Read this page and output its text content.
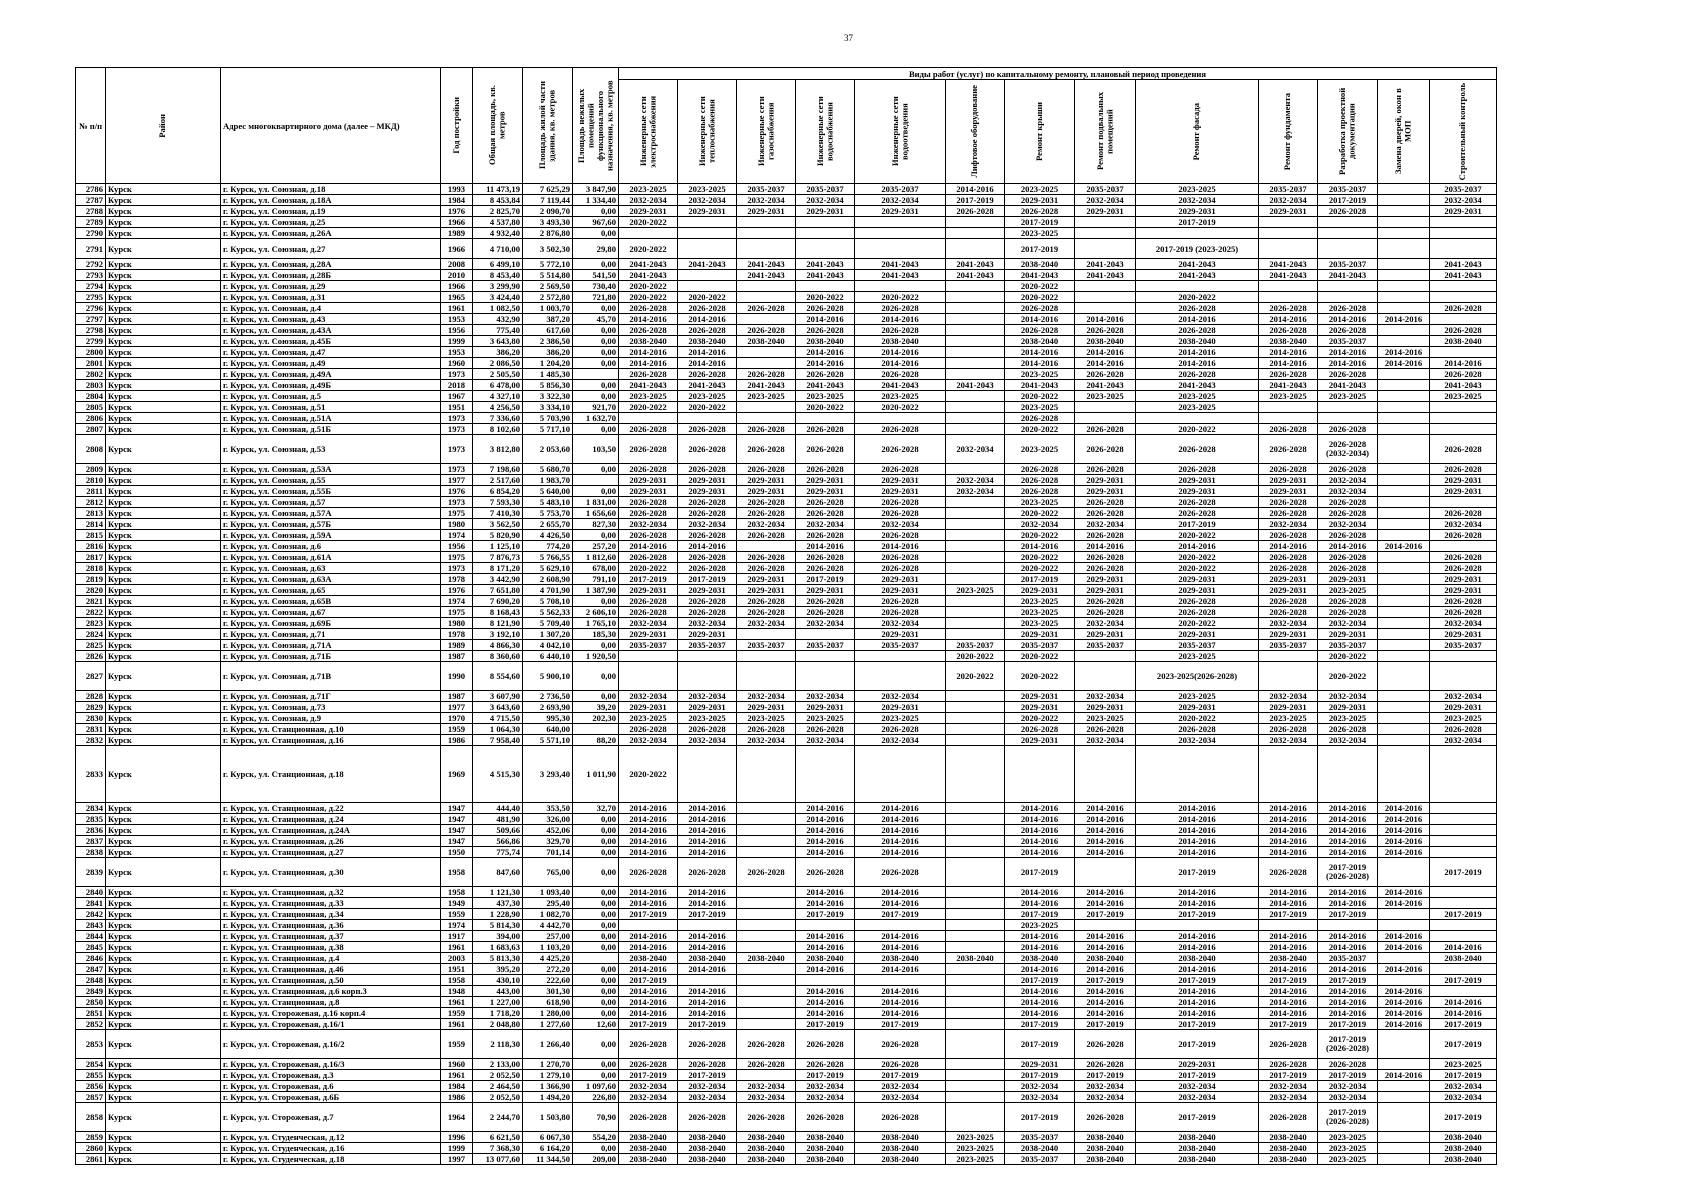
37
№ п/п	Район	Адрес многоквартирного дома (далее – МКД)	Год постройки	Общая площадь, кв. метров	Площадь жилой части здания, кв. метров	Площадь нежилых помещений функционального назначения, кв. метров	Виды работ (услуг) по капитальному ремонту, плановый период проведения												

							Инженерные сети электроснабжения	Инженерные сети теплоснабжения	Инженерные сети газоснабжения	Инженерные сети водоснабжения	Инженерные сети водоотведения	Лифтовое оборудование	Ремонт крыши	Ремонт подвальных помещений	Ремонт фасада	Ремонт фундамента	Разработка проектной документации	Замена дверей, окон в МОП	Строительный контроль

2786	Курск	г. Курск, ул. Союзная, д.18	1993	11 473,19	7 625,29	3 847,90	2023-2025	2023-2025	2035-2037	2035-2037	2035-2037	2014-2016	2023-2025	2035-2037	2023-2025	2035-2037	2035-2037		2035-2037
2787	Курск	г. Курск, ул. Союзная, д.18А	1984	8 453,84	7 119,44	1 334,40	2032-2034	2032-2034	2032-2034	2032-2034	2032-2034	2017-2019	2029-2031	2032-2034	2032-2034	2032-2034	2017-2019		2032-2034
2788	Курск	г. Курск, ул. Союзная, д.19	1976	2 825,70	2 090,70	0,00	2029-2031	2029-2031	2029-2031	2029-2031	2029-2031	2026-2028	2026-2028	2029-2031	2029-2031	2029-2031	2026-2028		2029-2031
2789	Курск	г. Курск, ул. Союзная, д.25	1966	4 537,80	3 493,30	967,60	2020-2022						2017-2019		2017-2019				
2790	Курск	г. Курск, ул. Союзная, д.26А	1989	4 932,40	2 876,80	0,00							2023-2025						
2791	Курск	г. Курск, ул. Союзная, д.27	1966	4 710,00	3 502,30	29,80	2020-2022						2017-2019		2017-2019 (2023-2025)				
2792	Курск	г. Курск, ул. Союзная, д.28А	2008	6 499,10	5 772,10	0,00	2041-2043	2041-2043	2041-2043	2041-2043	2041-2043	2041-2043	2038-2040	2041-2043	2041-2043	2041-2043	2035-2037		2041-2043
2793	Курск	г. Курск, ул. Союзная, д.28Б	2010	8 453,40	5 514,80	541,50	2041-2043		2041-2043	2041-2043	2041-2043	2041-2043	2041-2043	2041-2043	2041-2043	2041-2043	2041-2043		2041-2043
2794	Курск	г. Курск, ул. Союзная, д.29	1966	3 299,90	2 569,50	730,40	2020-2022						2020-2022						
2795	Курск	г. Курск, ул. Союзная, д.31	1965	3 424,40	2 572,80	721,80	2020-2022	2020-2022		2020-2022	2020-2022		2020-2022		2020-2022				
2796	Курск	г. Курск, ул. Союзная, д.4	1961	1 082,50	1 003,70	0,00	2026-2028	2026-2028	2026-2028	2026-2028	2026-2028		2026-2028		2026-2028	2026-2028	2026-2028		2026-2028
2797	Курск	г. Курск, ул. Союзная, д.43	1953	432,90	387,20	45,70	2014-2016	2014-2016		2014-2016	2014-2016		2014-2016	2014-2016	2014-2016	2014-2016	2014-2016	2014-2016	
2798	Курск	г. Курск, ул. Союзная, д.43А	1956	775,40	617,60	0,00	2026-2028	2026-2028	2026-2028	2026-2028	2026-2028		2026-2028	2026-2028	2026-2028	2026-2028	2026-2028		2026-2028
2799	Курск	г. Курск, ул. Союзная, д.45Б	1999	3 643,80	2 386,50	0,00	2038-2040	2038-2040	2038-2040	2038-2040	2038-2040		2038-2040	2038-2040	2038-2040	2038-2040	2035-2037		2038-2040
2800	Курск	г. Курск, ул. Союзная, д.47	1953	386,20	386,20	0,00	2014-2016	2014-2016		2014-2016	2014-2016		2014-2016	2014-2016	2014-2016	2014-2016	2014-2016	2014-2016	
2801	Курск	г. Курск, ул. Союзная, д.49	1960	2 086,50	1 204,20	0,00	2014-2016	2014-2016		2014-2016	2014-2016		2014-2016	2014-2016	2014-2016	2014-2016	2014-2016	2014-2016	2014-2016
2802	Курск	г. Курск, ул. Союзная, д.49А	1973	2 505,50	1 485,30		2026-2028	2026-2028	2026-2028	2026-2028	2026-2028		2023-2025	2026-2028	2026-2028	2026-2028	2026-2028		2026-2028
2803	Курск	г. Курск, ул. Союзная, д.49Б	2018	6 478,00	5 856,30	0,00	2041-2043	2041-2043	2041-2043	2041-2043	2041-2043	2041-2043	2041-2043	2041-2043	2041-2043	2041-2043	2041-2043		2041-2043
2804	Курск	г. Курск, ул. Союзная, д.5	1967	4 327,10	3 322,30	0,00	2023-2025	2023-2025	2023-2025	2023-2025	2023-2025		2020-2022	2023-2025	2023-2025	2023-2025	2023-2025		2023-2025
2805	Курск	г. Курск, ул. Союзная, д.51	1951	4 256,50	3 334,10	921,70	2020-2022	2020-2022		2020-2022	2020-2022		2023-2025		2023-2025				
2806	Курск	г. Курск, ул. Союзная, д.51А	1973	7 336,60	5 703,90	1 632,70							2026-2028						
2807	Курск	г. Курск, ул. Союзная, д.51Б	1973	8 102,60	5 717,10	0,00	2026-2028	2026-2028	2026-2028	2026-2028	2026-2028		2020-2022	2026-2028	2020-2022	2026-2028	2026-2028		
2808	Курск	г. Курск, ул. Союзная, д.53	1973	3 812,80	2 053,60	103,50	2026-2028	2026-2028	2026-2028	2026-2028	2026-2028	2032-2034	2023-2025	2026-2028	2026-2028	2026-2028	2026-2028 (2032-2034)		2026-2028
2809	Курск	г. Курск, ул. Союзная, д.53А	1973	7 198,60	5 680,70	0,00	2026-2028	2026-2028	2026-2028	2026-2028	2026-2028		2026-2028	2026-2028	2026-2028	2026-2028	2026-2028		2026-2028
2810	Курск	г. Курск, ул. Союзная, д.55	1977	2 517,60	1 983,70		2029-2031	2029-2031	2029-2031	2029-2031	2029-2031	2032-2034	2026-2028	2029-2031	2029-2031	2029-2031	2032-2034		2029-2031
2811	Курск	г. Курск, ул. Союзная, д.55Б	1976	6 854,20	5 640,00	0,00	2029-2031	2029-2031	2029-2031	2029-2031	2029-2031	2032-2034	2026-2028	2029-2031	2029-2031	2029-2031	2032-2034		2029-2031
2812	Курск	г. Курск, ул. Союзная, д.57	1973	7 593,30	5 483,10	1 831,00	2026-2028	2026-2028	2026-2028	2026-2028	2026-2028		2023-2025	2026-2028	2026-2028	2026-2028	2026-2028		
2813	Курск	г. Курск, ул. Союзная, д.57А	1975	7 410,30	5 753,70	1 656,60	2026-2028	2026-2028	2026-2028	2026-2028	2026-2028		2020-2022	2026-2028	2026-2028	2026-2028	2026-2028		2026-2028
2814	Курск	г. Курск, ул. Союзная, д.57Б	1980	3 562,50	2 655,70	827,30	2032-2034	2032-2034	2032-2034	2032-2034	2032-2034		2032-2034	2032-2034	2017-2019	2032-2034	2032-2034		2032-2034
2815	Курск	г. Курск, ул. Союзная, д.59А	1974	5 820,90	4 426,50	0,00	2026-2028	2026-2028	2026-2028	2026-2028	2026-2028		2020-2022	2026-2028	2020-2022	2026-2028	2026-2028		2026-2028
2816	Курск	г. Курск, ул. Союзная, д.6	1956	1 125,10	774,20	257,20	2014-2016	2014-2016		2014-2016	2014-2016		2014-2016	2014-2016	2014-2016	2014-2016	2014-2016	2014-2016	
2817	Курск	г. Курск, ул. Союзная, д.61А	1975	7 876,73	5 766,55	1 812,60	2026-2028	2026-2028	2026-2028	2026-2028	2026-2028		2020-2022	2026-2028	2020-2022	2026-2028	2026-2028		2026-2028
2818	Курск	г. Курск, ул. Союзная, д.63	1973	8 171,20	5 629,10	678,00	2020-2022	2026-2028	2026-2028	2026-2028	2026-2028		2020-2022	2026-2028	2020-2022	2026-2028	2026-2028		2026-2028
2819	Курск	г. Курск, ул. Союзная, д.63А	1978	3 442,90	2 608,90	791,10	2017-2019	2017-2019	2029-2031	2017-2019	2029-2031		2017-2019	2029-2031	2029-2031	2029-2031	2029-2031		2029-2031
2820	Курск	г. Курск, ул. Союзная, д.65	1976	7 651,80	4 701,90	1 387,90	2029-2031	2029-2031	2029-2031	2029-2031	2029-2031	2023-2025	2029-2031	2029-2031	2029-2031	2029-2031	2023-2025		2029-2031
2821	Курск	г. Курск, ул. Союзная, д.65В	1974	7 690,20	5 708,10	0,00	2026-2028	2026-2028	2026-2028	2026-2028	2026-2028		2023-2025	2026-2028	2026-2028	2026-2028	2026-2028		2026-2028
2822	Курск	г. Курск, ул. Союзная, д.67	1975	8 168,43	5 562,33	2 606,10	2026-2028	2026-2028	2026-2028	2026-2028	2026-2028		2023-2025	2026-2028	2026-2028	2026-2028	2026-2028		2026-2028
2823	Курск	г. Курск, ул. Союзная, д.69Б	1980	8 121,90	5 709,40	1 765,10	2032-2034	2032-2034	2032-2034	2032-2034	2032-2034		2023-2025	2032-2034	2020-2022	2032-2034	2032-2034		2032-2034
2824	Курск	г. Курск, ул. Союзная, д.71	1978	3 192,10	1 307,20	185,30	2029-2031	2029-2031			2029-2031		2029-2031	2029-2031	2029-2031	2029-2031	2029-2031		2029-2031
2825	Курск	г. Курск, ул. Союзная, д.71А	1989	4 866,30	4 042,10	0,00	2035-2037	2035-2037	2035-2037	2035-2037	2035-2037	2035-2037	2035-2037	2035-2037	2035-2037	2035-2037	2035-2037		2035-2037
2826	Курск	г. Курск, ул. Союзная, д.71Б	1987	8 360,60	6 440,10	1 920,50						2020-2022	2020-2022		2023-2025		2020-2022		
2827	Курск	г. Курск, ул. Союзная, д.71В	1990	8 554,60	5 900,10	0,00						2020-2022	2020-2022		2023-2025(2026-2028)		2020-2022		
2828	Курск	г. Курск, ул. Союзная, д.71Г	1987	3 607,90	2 736,50	0,00	2032-2034	2032-2034	2032-2034	2032-2034	2032-2034		2029-2031	2032-2034	2023-2025	2032-2034	2032-2034		2032-2034
2829	Курск	г. Курск, ул. Союзная, д.73	1977	3 643,60	2 693,90	39,20	2029-2031	2029-2031	2029-2031	2029-2031	2029-2031		2029-2031	2029-2031	2029-2031	2029-2031	2029-2031		2029-2031
2830	Курск	г. Курск, ул. Союзная, д.9	1970	4 715,50	995,30	202,30	2023-2025	2023-2025	2023-2025	2023-2025	2023-2025		2020-2022	2023-2025	2020-2022	2023-2025	2023-2025		2023-2025
2831	Курск	г. Курск, ул. Станционная, д.10	1959	1 064,30	640,00		2026-2028	2026-2028	2026-2028	2026-2028	2026-2028		2026-2028	2026-2028	2026-2028	2026-2028	2026-2028		2026-2028
2832	Курск	г. Курск, ул. Станционная, д.16	1986	7 958,40	5 571,10	88,20	2032-2034	2032-2034	2032-2034	2032-2034	2032-2034		2029-2031	2032-2034	2032-2034	2032-2034	2032-2034		2032-2034
2833	Курск	г. Курск, ул. Станционная, д.18	1969	4 515,30	3 293,40	1 011,90	2020-2022												
2834	Курск	г. Курск, ул. Станционная, д.22	1947	444,40	353,50	32,70	2014-2016	2014-2016		2014-2016	2014-2016		2014-2016	2014-2016	2014-2016	2014-2016	2014-2016	2014-2016	
2835	Курск	г. Курск, ул. Станционная, д.24	1947	481,90	326,00	0,00	2014-2016	2014-2016		2014-2016	2014-2016		2014-2016	2014-2016	2014-2016	2014-2016	2014-2016	2014-2016	
2836	Курск	г. Курск, ул. Станционная, д.24А	1947	509,66	452,06	0,00	2014-2016	2014-2016		2014-2016	2014-2016		2014-2016	2014-2016	2014-2016	2014-2016	2014-2016	2014-2016	
2837	Курск	г. Курск, ул. Станционная, д.26	1947	566,86	329,70	0,00	2014-2016	2014-2016		2014-2016	2014-2016		2014-2016	2014-2016	2014-2016	2014-2016	2014-2016	2014-2016	
2838	Курск	г. Курск, ул. Станционная, д.27	1950	775,74	701,14	0,00	2014-2016	2014-2016		2014-2016	2014-2016		2014-2016	2014-2016	2014-2016	2014-2016	2014-2016	2014-2016	
2839	Курск	г. Курск, ул. Станционная, д.30	1958	847,60	765,00	0,00	2026-2028	2026-2028	2026-2028	2026-2028	2026-2028		2017-2019		2017-2019	2026-2028	2017-2019 (2026-2028)		2017-2019
2840	Курск	г. Курск, ул. Станционная, д.32	1958	1 121,30	1 093,40	0,00	2014-2016	2014-2016		2014-2016	2014-2016		2014-2016	2014-2016	2014-2016	2014-2016	2014-2016	2014-2016	
2841	Курск	г. Курск, ул. Станционная, д.33	1949	437,30	295,40	0,00	2014-2016	2014-2016		2014-2016	2014-2016		2014-2016	2014-2016	2014-2016	2014-2016	2014-2016	2014-2016	
2842	Курск	г. Курск, ул. Станционная, д.34	1959	1 228,90	1 082,70	0,00	2017-2019	2017-2019		2017-2019	2017-2019		2017-2019	2017-2019	2017-2019	2017-2019	2017-2019		2017-2019
2843	Курск	г. Курск, ул. Станционная, д.36	1974	5 814,30	4 442,70	0,00							2023-2025						
2844	Курск	г. Курск, ул. Станционная, д.37	1917	394,00	257,00	0,00	2014-2016	2014-2016		2014-2016	2014-2016		2014-2016	2014-2016	2014-2016	2014-2016	2014-2016	2014-2016	
2845	Курск	г. Курск, ул. Станционная, д.38	1961	1 683,63	1 103,20	0,00	2014-2016	2014-2016		2014-2016	2014-2016		2014-2016	2014-2016	2014-2016	2014-2016	2014-2016	2014-2016	2014-2016
2846	Курск	г. Курск, ул. Станционная, д.4	2003	5 813,30	4 425,20		2038-2040	2038-2040	2038-2040	2038-2040	2038-2040	2038-2040	2038-2040	2038-2040	2038-2040	2038-2040	2035-2037		2038-2040
2847	Курск	г. Курск, ул. Станционная, д.46	1951	395,20	272,20	0,00	2014-2016	2014-2016		2014-2016	2014-2016		2014-2016	2014-2016	2014-2016	2014-2016	2014-2016	2014-2016	
2848	Курск	г. Курск, ул. Станционная, д.50	1958	430,10	222,60	0,00	2017-2019						2017-2019	2017-2019	2017-2019	2017-2019	2017-2019		2017-2019
2849	Курск	г. Курск, ул. Станционная, д.6 корп.3	1948	443,00	301,30	0,00	2014-2016	2014-2016		2014-2016	2014-2016		2014-2016	2014-2016	2014-2016	2014-2016	2014-2016	2014-2016	
2850	Курск	г. Курск, ул. Станционная, д.8	1961	1 227,00	618,90	0,00	2014-2016	2014-2016		2014-2016	2014-2016		2014-2016	2014-2016	2014-2016	2014-2016	2014-2016	2014-2016	2014-2016
2851	Курск	г. Курск, ул. Сторожевая, д.16 корп.4	1959	1 718,20	1 280,00	0,00	2014-2016	2014-2016		2014-2016	2014-2016		2014-2016	2014-2016	2014-2016	2014-2016	2014-2016	2014-2016	2014-2016
2852	Курск	г. Курск, ул. Сторожевая, д.16/1	1961	2 048,80	1 277,60	12,60	2017-2019	2017-2019		2017-2019	2017-2019		2017-2019	2017-2019	2017-2019	2017-2019	2017-2019	2014-2016	2017-2019
2853	Курск	г. Курск, ул. Сторожевая, д.16/2	1959	2 118,30	1 266,40	0,00	2026-2028	2026-2028	2026-2028	2026-2028	2026-2028		2017-2019	2026-2028	2017-2019	2026-2028	2017-2019 (2026-2028)		2017-2019
2854	Курск	г. Курск, ул. Сторожевая, д.16/3	1960	2 133,00	1 270,70	0,00	2026-2028	2026-2028	2026-2028	2026-2028	2026-2028		2029-2031	2026-2028	2029-2031	2026-2028	2026-2028		2023-2025
2855	Курск	г. Курск, ул. Сторожевая, д.3	1961	2 052,50	1 279,10	0,00	2017-2019	2017-2019		2017-2019	2017-2019		2017-2019	2017-2019	2017-2019	2017-2019	2017-2019	2014-2016	2017-2019
2856	Курск	г. Курск, ул. Сторожевая, д.6	1984	2 464,50	1 366,90	1 097,60	2032-2034	2032-2034	2032-2034	2032-2034	2032-2034		2032-2034	2032-2034	2032-2034	2032-2034	2032-2034		2032-2034
2857	Курск	г. Курск, ул. Сторожевая, д.6Б	1986	2 052,50	1 494,20	226,80	2032-2034	2032-2034	2032-2034	2032-2034	2032-2034		2032-2034	2032-2034	2032-2034	2032-2034	2032-2034		2032-2034
2858	Курск	г. Курск, ул. Сторожевая, д.7	1964	2 244,70	1 503,80	70,90	2026-2028	2026-2028	2026-2028	2026-2028	2026-2028		2017-2019	2026-2028	2017-2019	2026-2028	2017-2019 (2026-2028)		2017-2019
2859	Курск	г. Курск, ул. Студенческая, д.12	1996	6 621,50	6 067,30	554,20	2038-2040	2038-2040	2038-2040	2038-2040	2038-2040	2023-2025	2035-2037	2038-2040	2038-2040	2038-2040	2023-2025		2038-2040
2860	Курск	г. Курск, ул. Студенческая, д.16	1999	7 368,30	6 164,20	0,00	2038-2040	2038-2040	2038-2040	2038-2040	2038-2040	2023-2025	2038-2040	2038-2040	2038-2040	2038-2040	2023-2025		2038-2040
2861	Курск	г. Курск, ул. Студенческая, д.18	1997	13 077,60	11 344,50	209,00	2038-2040	2038-2040	2038-2040	2038-2040	2038-2040	2023-2025	2035-2037	2038-2040	2038-2040	2038-2040	2023-2025		2038-2040
